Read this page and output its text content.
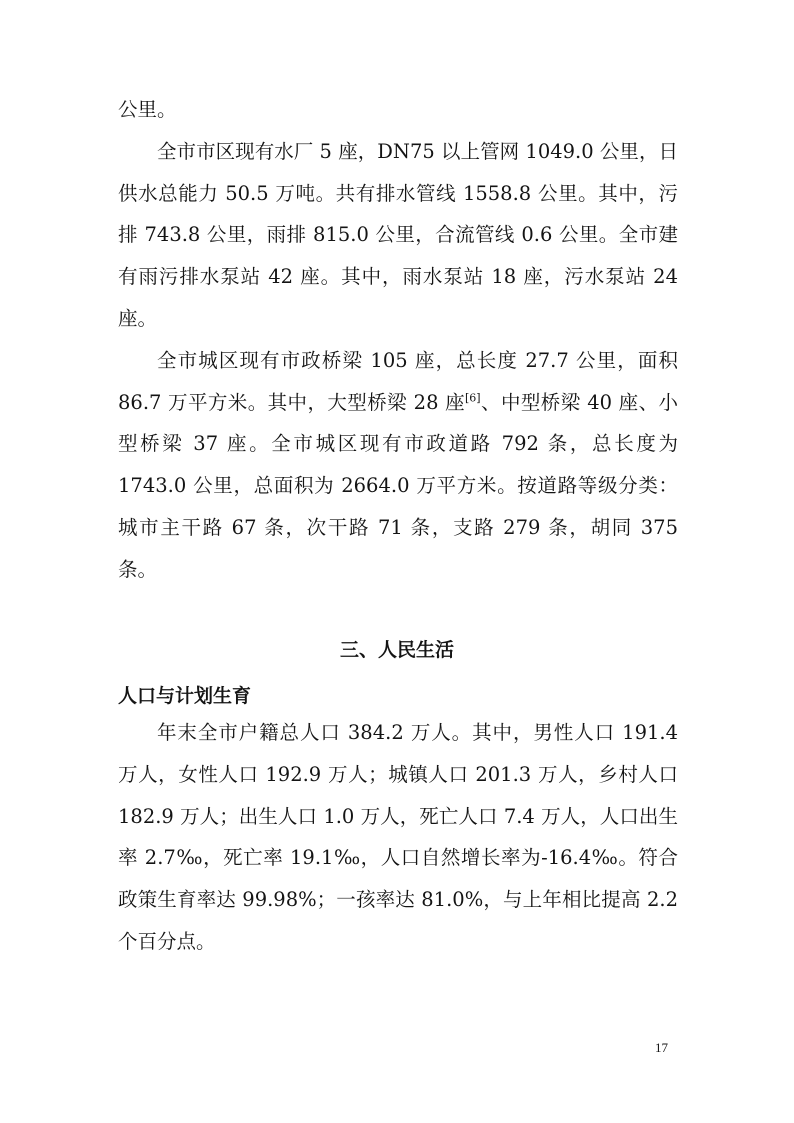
公里。

全市市区现有水厂 5 座，DN75 以上管网 1049.0 公里，日供水总能力 50.5 万吨。共有排水管线 1558.8 公里。其中，污排 743.8 公里，雨排 815.0 公里，合流管线 0.6 公里。全市建有雨污排水泵站 42 座。其中，雨水泵站 18 座，污水泵站 24 座。

全市城区现有市政桥梁 105 座，总长度 27.7 公里，面积 86.7 万平方米。其中，大型桥梁 28 座[6]、中型桥梁 40 座、小型桥梁 37 座。全市城区现有市政道路 792 条，总长度为 1743.0 公里，总面积为 2664.0 万平方米。按道路等级分类：城市主干路 67 条，次干路 71 条，支路 279 条，胡同 375 条。

三、人民生活
人口与计划生育

年末全市户籍总人口 384.2 万人。其中，男性人口 191.4 万人，女性人口 192.9 万人；城镇人口 201.3 万人，乡村人口 182.9 万人；出生人口 1.0 万人，死亡人口 7.4 万人，人口出生率 2.7‰，死亡率 19.1‰，人口自然增长率为-16.4‰。符合政策生育率达 99.98%；一孩率达 81.0%，与上年相比提高 2.2 个百分点。

17
